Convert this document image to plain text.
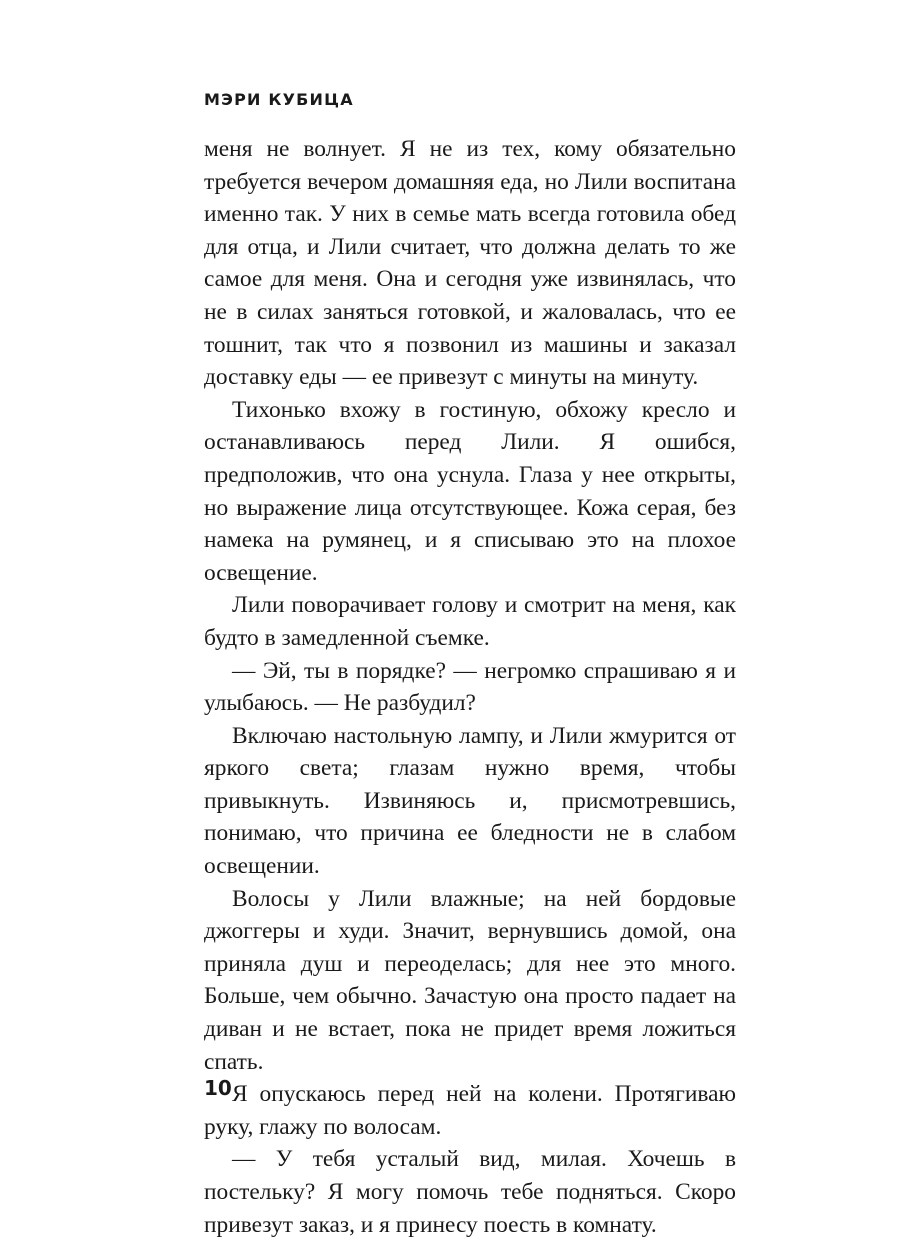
МЭРИ КУБИЦА

меня не волнует. Я не из тех, кому обязательно требуется вечером домашняя еда, но Лили воспитана именно так. У них в семье мать всегда готовила обед для отца, и Лили считает, что должна делать то же самое для меня. Она и сегодня уже извинялась, что не в силах заняться готовкой, и жаловалась, что ее тошнит, так что я позвонил из машины и заказал доставку еды — ее привезут с минуты на минуту.

Тихонько вхожу в гостиную, обхожу кресло и останавливаюсь перед Лили. Я ошибся, предположив, что она уснула. Глаза у нее открыты, но выражение лица отсутствующее. Кожа серая, без намека на румянец, и я списываю это на плохое освещение.

Лили поворачивает голову и смотрит на меня, как будто в замедленной съемке.

— Эй, ты в порядке? — негромко спрашиваю я и улыбаюсь. — Не разбудил?

Включаю настольную лампу, и Лили жмурится от яркого света; глазам нужно время, чтобы привыкнуть. Извиняюсь и, присмотревшись, понимаю, что причина ее бледности не в слабом освещении.

Волосы у Лили влажные; на ней бордовые джоггеры и худи. Значит, вернувшись домой, она приняла душ и переоделась; для нее это много. Больше, чем обычно. Зачастую она просто падает на диван и не встает, пока не придет время ложиться спать.

Я опускаюсь перед ней на колени. Протягиваю руку, глажу по волосам.

— У тебя усталый вид, милая. Хочешь в постельку? Я могу помочь тебе подняться. Скоро привезут заказ, и я принесу поесть в комнату.

10
